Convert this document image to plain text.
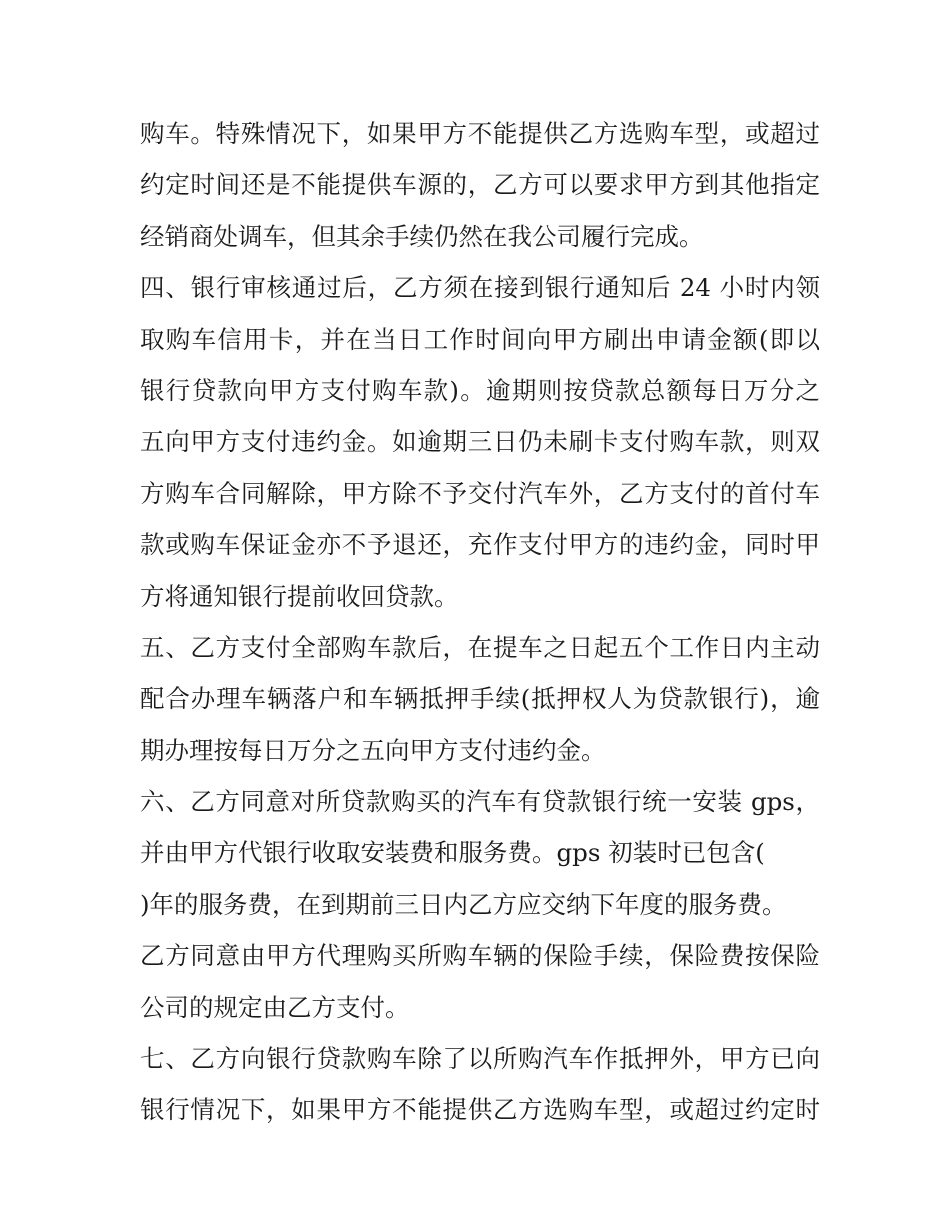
购车。特殊情况下，如果甲方不能提供乙方选购车型，或超过
约定时间还是不能提供车源的，乙方可以要求甲方到其他指定
经销商处调车，但其余手续仍然在我公司履行完成。
四、银行审核通过后，乙方须在接到银行通知后 24 小时内领
取购车信用卡，并在当日工作时间向甲方刷出申请金额(即以
银行贷款向甲方支付购车款)。逾期则按贷款总额每日万分之
五向甲方支付违约金。如逾期三日仍未刷卡支付购车款，则双
方购车合同解除，甲方除不予交付汽车外，乙方支付的首付车
款或购车保证金亦不予退还，充作支付甲方的违约金，同时甲
方将通知银行提前收回贷款。
五、乙方支付全部购车款后，在提车之日起五个工作日内主动
配合办理车辆落户和车辆抵押手续(抵押权人为贷款银行)，逾
期办理按每日万分之五向甲方支付违约金。
六、乙方同意对所贷款购买的汽车有贷款银行统一安装 gps，
并由甲方代银行收取安装费和服务费。gps 初装时已包含(
)年的服务费，在到期前三日内乙方应交纳下年度的服务费。
乙方同意由甲方代理购买所购车辆的保险手续，保险费按保险
公司的规定由乙方支付。
七、乙方向银行贷款购车除了以所购汽车作抵押外，甲方已向
银行情况下，如果甲方不能提供乙方选购车型，或超过约定时
